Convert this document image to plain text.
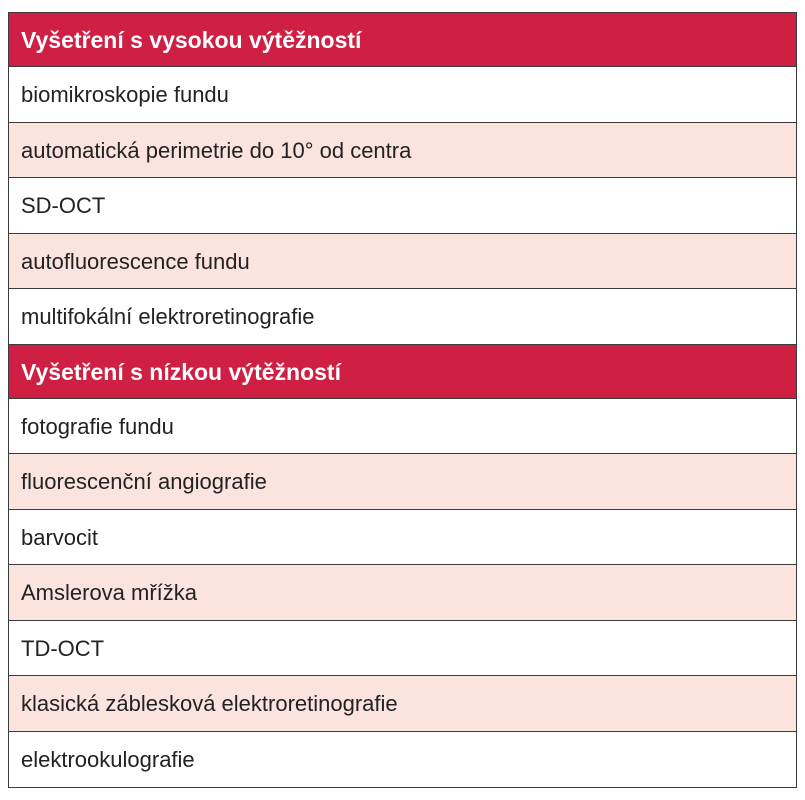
Vyšetření s vysokou výtěžností
biomikroskopie fundu
automatická perimetrie do 10° od centra
SD-OCT
autofluorescence fundu
multifokální elektroretinografie
Vyšetření s nízkou výtěžností
fotografie fundu
fluorescenční angiografie
barvocit
Amslerova mřížka
TD-OCT
klasická záblesková elektroretinografie
elektrookulografie
